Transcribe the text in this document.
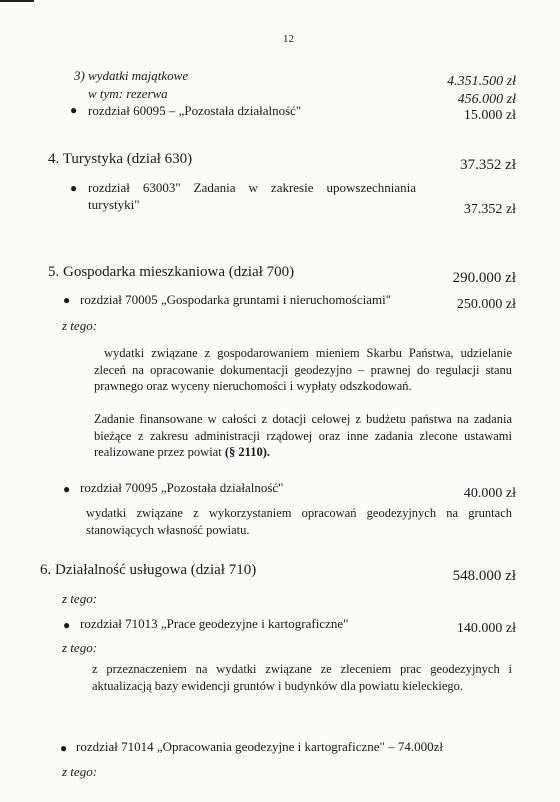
12
3) wydatki majątkowe	4.351.500 zł
w tym: rezerwa	456.000 zł
● rozdział 60095 – „Pozostała działalność"	15.000 zł
4. Turystyka (dział 630)	37.352 zł
● rozdział    63003"    Zadania    w    zakresie    upowszechniania
turystyki"	37.352 zł
5. Gospodarka mieszkaniowa (dział 700)	290.000 zł
● rozdział 70005 „Gospodarka gruntami i nieruchomościami"	250.000 zł
z tego:
wydatki związane z gospodarowaniem mieniem Skarbu Państwa, udzielanie zleceń na opracowanie dokumentacji geodezyjno – prawnej do regulacji stanu prawnego oraz wyceny nieruchomości i wypłaty odszkodowań.
Zadanie finansowane w całości z dotacji celowej z budżetu państwa na zadania bieżące z zakresu administracji rządowej oraz inne zadania zlecone ustawami realizowane przez powiat (§ 2110).
● rozdział 70095 „Pozostała działalność"	40.000 zł
wydatki związane z wykorzystaniem opracowań geodezyjnych na gruntach stanowiących własność powiatu.
6. Działalność usługowa (dział 710)	548.000 zł
z tego:
● rozdział 71013 „Prace geodezyjne i kartograficzne"	140.000 zł
z tego:
z przeznaczeniem na wydatki związane ze zleceniem prac geodezyjnych i aktualizacją bazy ewidencji gruntów i budynków dla powiatu kieleckiego.
● rozdział 71014 „Opracowania geodezyjne i kartograficzne" – 74.000zł
z tego:
